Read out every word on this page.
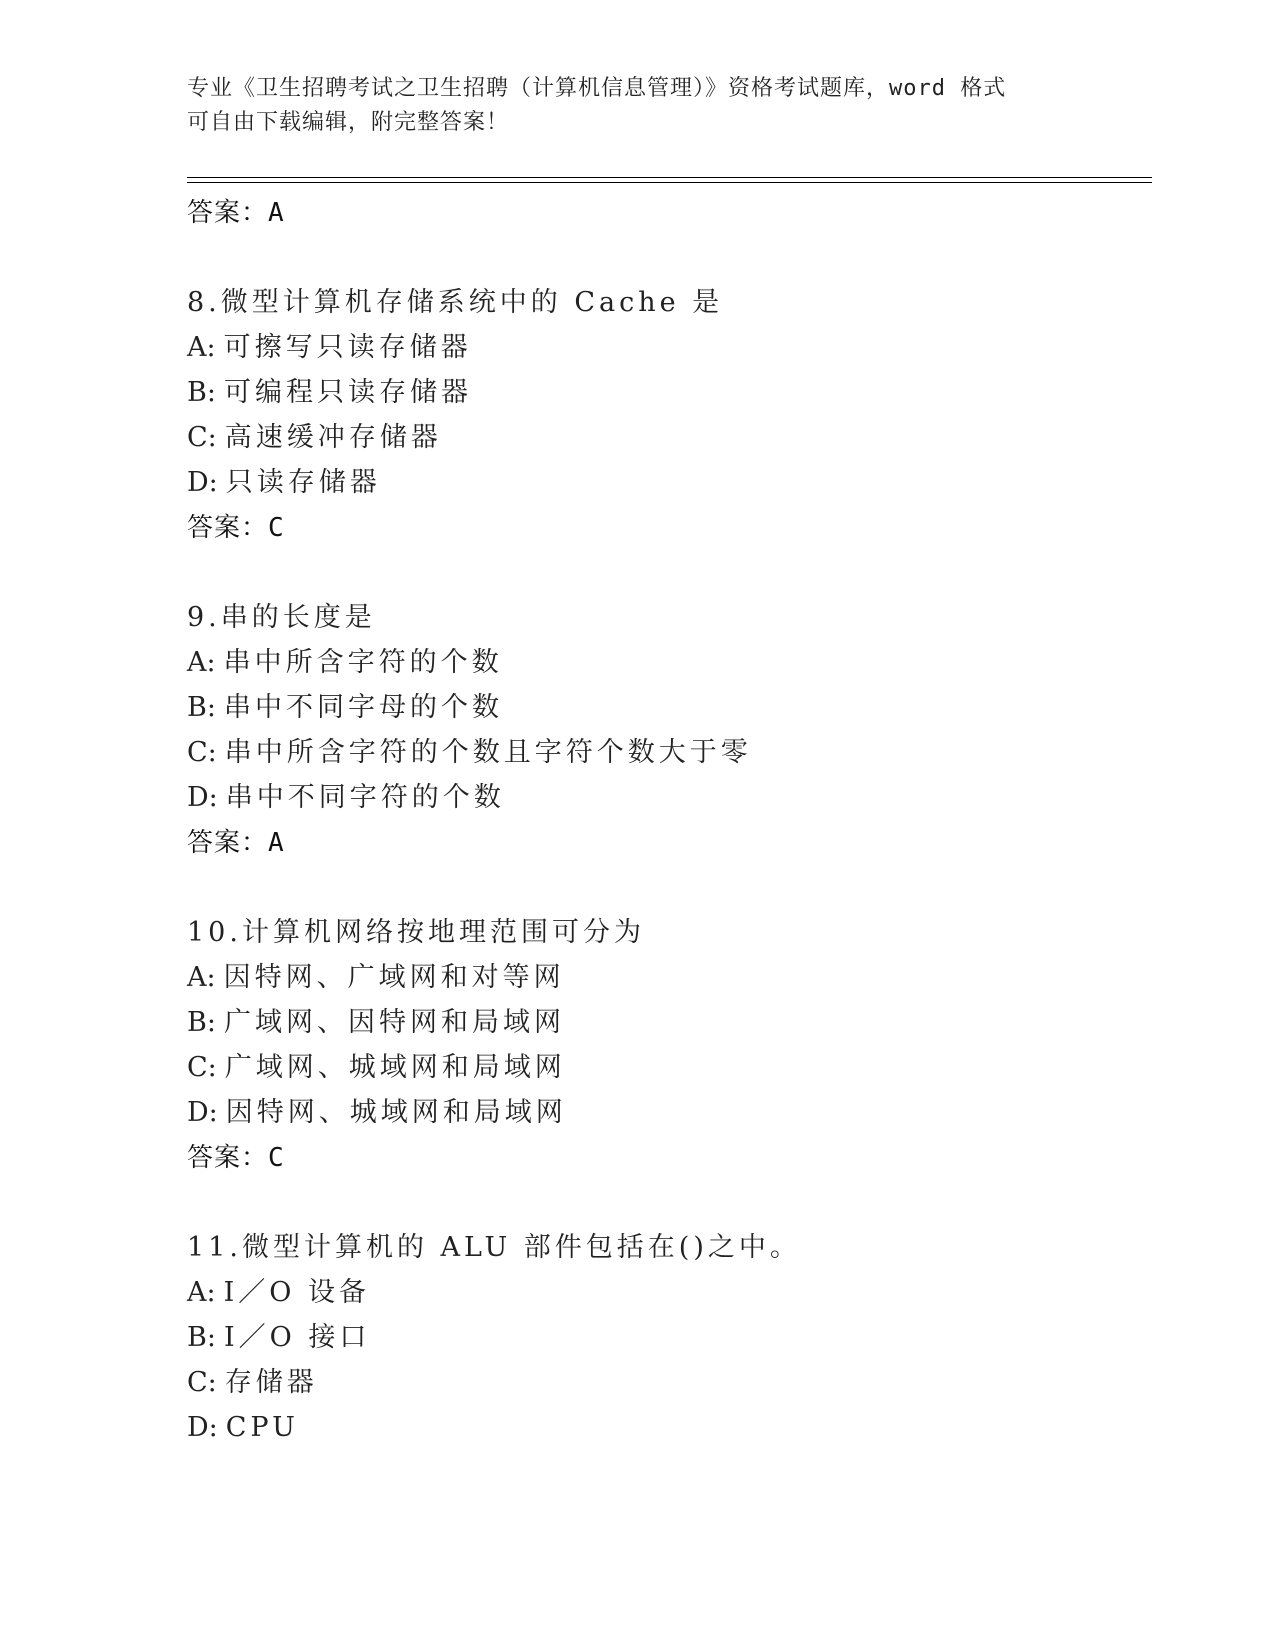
专业《卫生招聘考试之卫生招聘（计算机信息管理）》资格考试题库，word 格式
可自由下载编辑，附完整答案！
答案：A
8.微型计算机存储系统中的 Cache 是
A: 可擦写只读存储器
B: 可编程只读存储器
C: 高速缓冲存储器
D: 只读存储器
答案：C
9.串的长度是
A: 串中所含字符的个数
B: 串中不同字母的个数
C: 串中所含字符的个数且字符个数大于零
D: 串中不同字符的个数
答案：A
10.计算机网络按地理范围可分为
A: 因特网、广域网和对等网
B: 广域网、因特网和局域网
C: 广域网、城域网和局域网
D: 因特网、城域网和局域网
答案：C
11.微型计算机的 ALU 部件包括在()之中。
A: I／O 设备
B: I／O 接口
C: 存储器
D: CPU
